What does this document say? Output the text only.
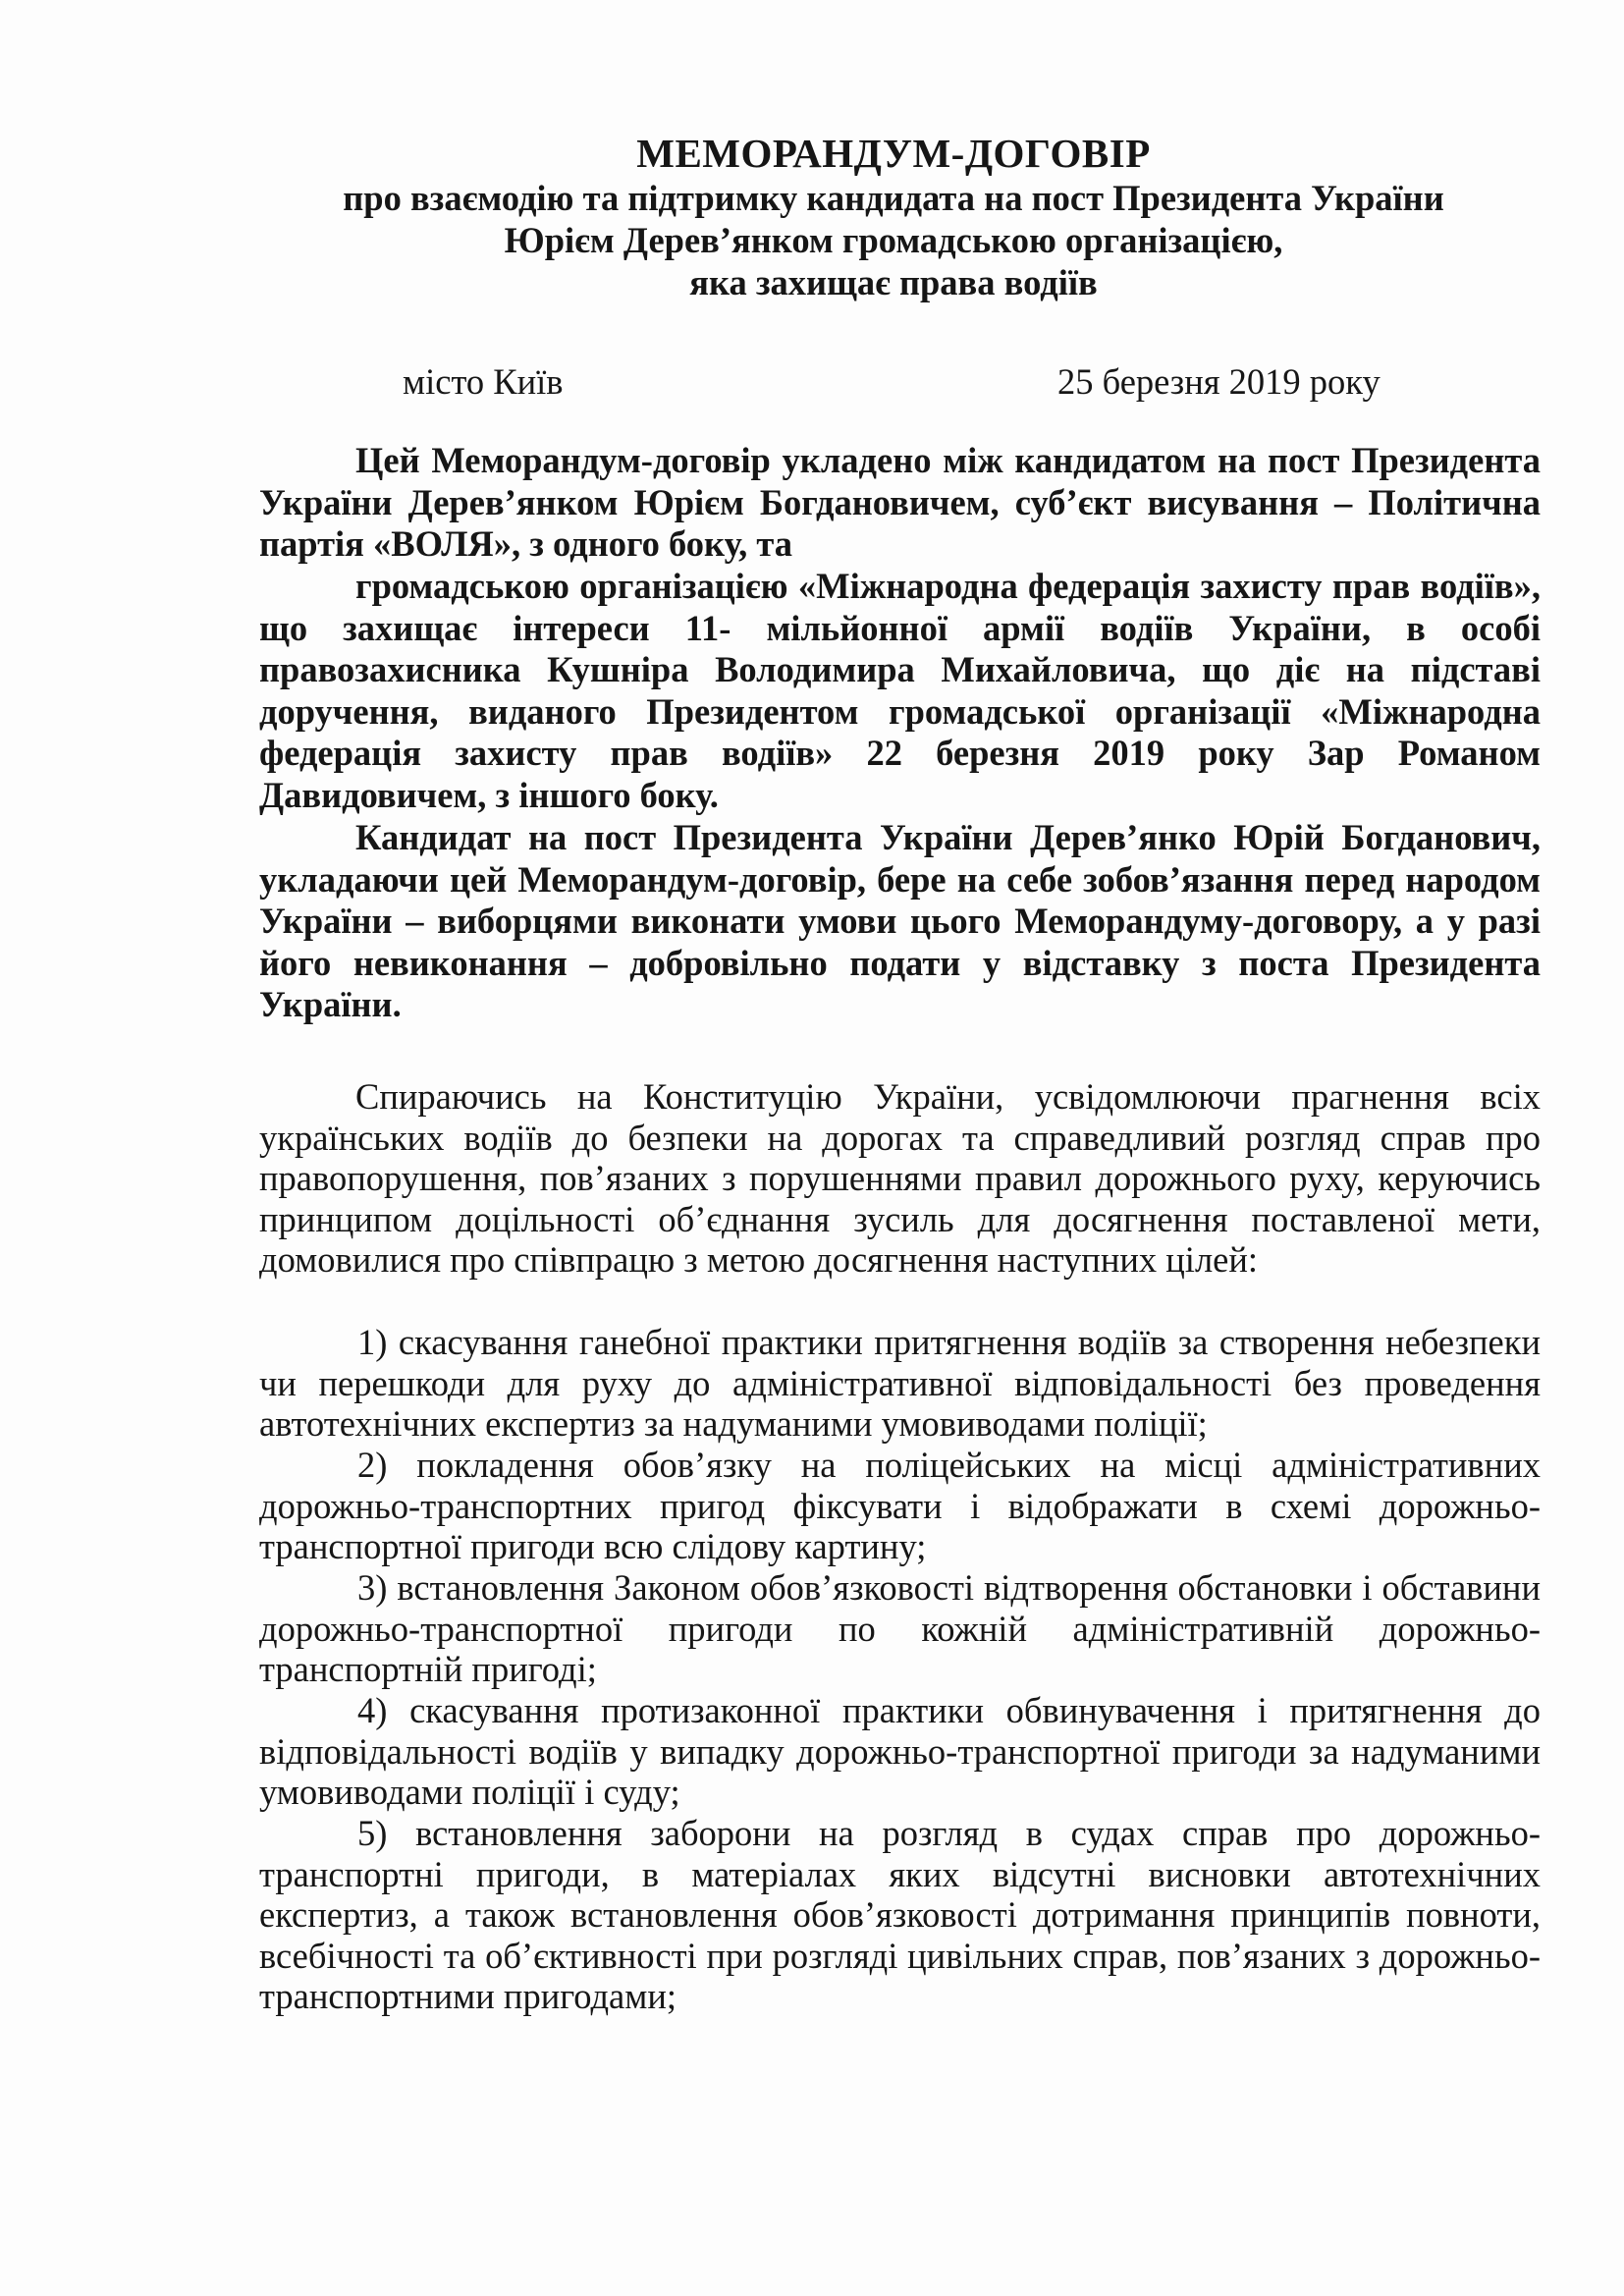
МЕМОРАНДУМ-ДОГОВІР
про взаємодію та підтримку кандидата на пост Президента України
Юрієм Дерев’янком громадською організацією,
яка захищає права водіїв
місто Київ	25 березня 2019 року

Цей Меморандум-договір укладено між кандидатом на пост Президента України Дерев’янком Юрієм Богдановичем, суб’єкт висування – Політична партія «ВОЛЯ», з одного боку, та

громадською організацією «Міжнародна федерація захисту прав водіїв», що захищає інтереси 11- мільйонної армії водіїв України, в особі правозахисника Кушніра Володимира Михайловича, що діє на підставі доручення, виданого Президентом громадської організації «Міжнародна федерація захисту прав водіїв» 22 березня 2019 року Зар Романом Давидовичем, з іншого боку.

Кандидат на пост Президента України Дерев’янко Юрій Богданович, укладаючи цей Меморандум-договір, бере на себе зобов’язання перед народом України – виборцями виконати умови цього Меморандуму-договору, а у разі його невиконання – добровільно подати у відставку з поста Президента України.

Спираючись на Конституцію України, усвідомлюючи прагнення всіх українських водіїв до безпеки на дорогах та справедливий розгляд справ про правопорушення, пов’язаних з порушеннями правил дорожнього руху, керуючись принципом доцільності об’єднання зусиль для досягнення поставленої мети, домовилися про співпрацю з метою досягнення наступних цілей:

1) скасування ганебної практики притягнення водіїв за створення небезпеки чи перешкоди для руху до адміністративної відповідальності без проведення автотехнічних експертиз за надуманими умовиводами поліції;

2) покладення обов’язку на поліцейських на місці адміністративних дорожньо-транспортних пригод фіксувати і відображати в схемі дорожньо-транспортної пригоди всю слідову картину;

3) встановлення Законом обов’язковості відтворення обстановки і обставини дорожньо-транспортної пригоди по кожній адміністративній дорожньо-транспортній пригоді;

4) скасування протизаконної практики обвинувачення і притягнення до відповідальності водіїв у випадку дорожньо-транспортної пригоди за надуманими умовиводами поліції і суду;

5) встановлення заборони на розгляд в судах справ про дорожньо-транспортні пригоди, в матеріалах яких відсутні висновки автотехнічних експертиз, а також встановлення обов’язковості дотримання принципів повноти, всебічності та об’єктивності при розгляді цивільних справ, пов’язаних з дорожньо-транспортними пригодами;
